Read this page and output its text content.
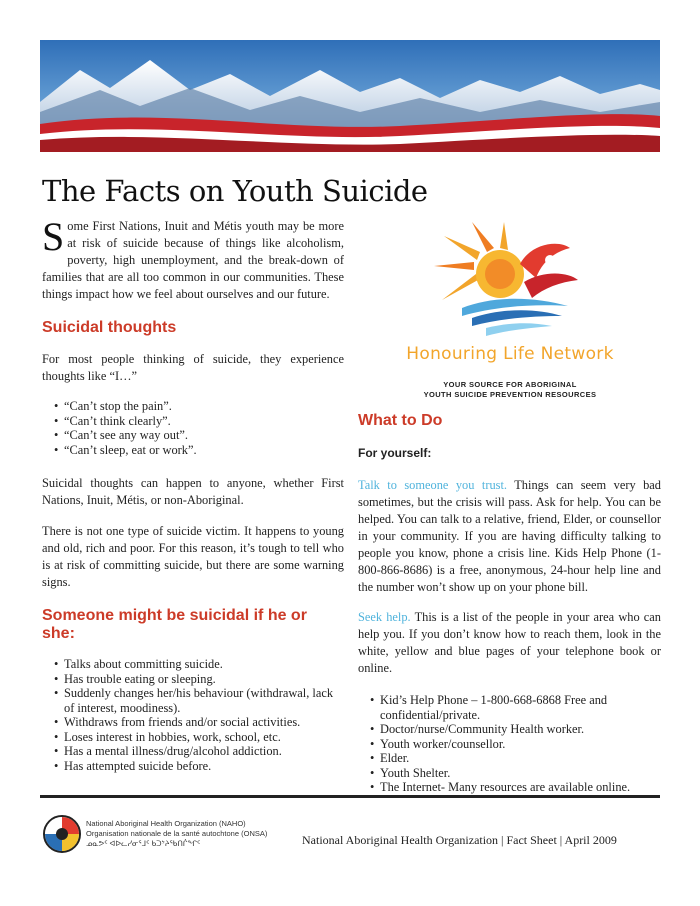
The Facts on Youth Suicide

Some First Nations, Inuit and Métis youth may be more at risk of suicide because of things like alcoholism, poverty, high unemployment, and the break-down of families that are all too common in our communities. These things impact how we feel about ourselves and our future.

Suicidal thoughts

For most people thinking of suicide, they experience thoughts like “I…”

• “Can’t stop the pain”.
• “Can’t think clearly”.
• “Can’t see any way out”.
• “Can’t sleep, eat or work”.

Suicidal thoughts can happen to anyone, whether First Nations, Inuit, Métis, or non-Aboriginal.

There is not one type of suicide victim. It happens to young and old, rich and poor. For this reason, it’s tough to tell who is at risk of committing suicide, but there are some warning signs.

Someone might be suicidal if he or she:
• Talks about committing suicide.
• Has trouble eating or sleeping.
• Suddenly changes her/his behaviour (withdrawal, lack of interest, moodiness).
• Withdraws from friends and/or social activities.
• Loses interest in hobbies, work, school, etc.
• Has a mental illness/drug/alcohol addiction.
• Has attempted suicide before.
Honouring Life Network
YOUR SOURCE FOR ABORIGINAL
YOUTH SUICIDE PREVENTION RESOURCES
What to Do
For yourself:

Talk to someone you trust. Things can seem very bad sometimes, but the crisis will pass. Ask for help. You can be helped. You can talk to a relative, friend, Elder, or counsellor in your community. If you are having difficulty talking to people you know, phone a crisis line. Kids Help Phone (1-800-866-8686) is a free, anonymous, 24-hour help line and the number won’t show up on your phone bill.

Seek help. This is a list of the people in your area who can help you. If you don’t know how to reach them, look in the white, yellow and blue pages of your telephone book or online.

• Kid’s Help Phone – 1-800-668-6868 Free and confidential/private.
• Doctor/nurse/Community Health worker.
• Youth worker/counsellor.
• Elder.
• Youth Shelter.
• The Internet- Many resources are available online.
National Aboriginal Health Organization (NAHO)
Organisation nationale de la santé autochtone (ONSA)
ᓄᓇᕗᑦ ᐊᐅᓚᓯᓂᕐᒧᑦ ᑲᑐᔾᔨᖃᑎᒌᖏᑦ	National Aboriginal Health Organization | Fact Sheet | April 2009
